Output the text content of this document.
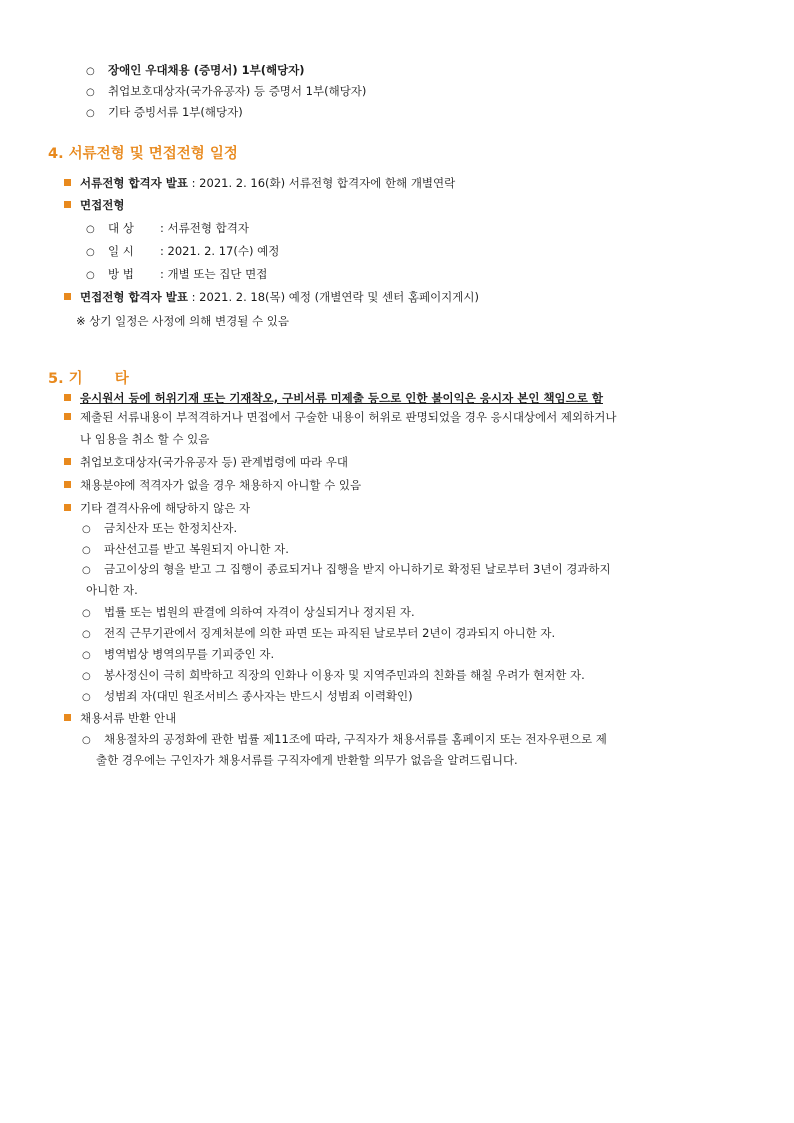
○ 장애인 우대채용 (증명서) 1부(해당자)
○ 취업보호대상자(국가유공자) 등 증명서 1부(해당자)
○ 기타 증빙서류 1부(해당자)
4. 서류전형 및 면접전형 일정
서류전형 합격자 발표 : 2021. 2. 16(화) 서류전형 합격자에 한해 개별연락
면접전형
○ 대 상 : 서류전형 합격자
○ 일 시 : 2021. 2. 17(수) 예정
○ 방 법 : 개별 또는 집단 면접
면접전형 합격자 발표 : 2021. 2. 18(목) 예정 (개별연락 및 센터 홈페이지게시)
※ 상기 일정은 사정에 의해 변경될 수 있음
5. 기 타
응시원서 등에 허위기재 또는 기재착오, 구비서류 미제출 등으로 인한 불이익은 응시자 본인 책임으로 함
제출된 서류내용이 부적격하거나 면접에서 구술한 내용이 허위로 판명되었을 경우 응시대상에서 제외하거나
나 임용을 취소 할 수 있음
취업보호대상자(국가유공자 등) 관계법령에 따라 우대
채용분야에 적격자가 없을 경우 채용하지 아니할 수 있음
기타 결격사유에 해당하지 않은 자
○ 금치산자 또는 한정치산자.
○ 파산선고를 받고 복원되지 아니한 자.
○ 금고이상의 형을 받고 그 집행이 종료되거나 집행을 받지 아니하기로 확정된 날로부터 3년이 경과하지
아니한 자.
○ 법률 또는 법원의 판결에 의하여 자격이 상실되거나 정지된 자.
○ 전직 근무기관에서 징계처분에 의한 파면 또는 파직된 날로부터 2년이 경과되지 아니한 자.
○ 병역법상 병역의무를 기피중인 자.
○ 봉사정신이 극히 희박하고 직장의 인화나 이용자 및 지역주민과의 친화를 해칠 우려가 현저한 자.
○ 성범죄 자(대민 원조서비스 종사자는 반드시 성범죄 이력확인)
채용서류 반환 안내
○ 채용절차의 공정화에 관한 법률 제11조에 따라, 구직자가 채용서류를 홈페이지 또는 전자우편으로 제
출한 경우에는 구인자가 채용서류를 구직자에게 반환할 의무가 없음을 알려드립니다.
